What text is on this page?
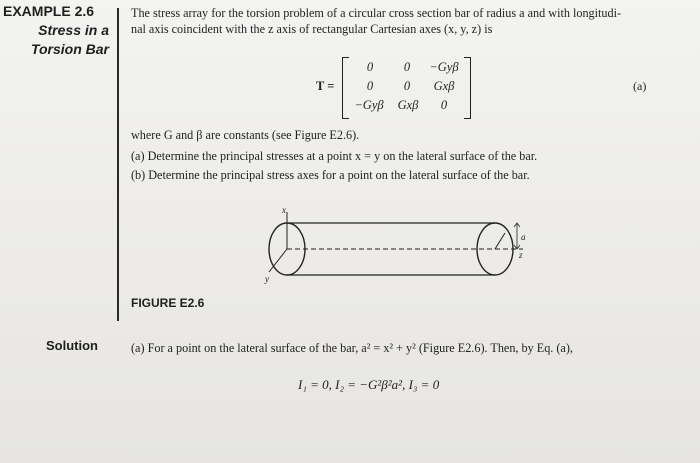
EXAMPLE 2.6
Stress in a
Torsion Bar
The stress array for the torsion problem of a circular cross section bar of radius a and with longitudi-
nal axis coincident with the z axis of rectangular Cartesian axes (x, y, z) is
T =
0	0	−Gyβ
0	0	Gxβ
−Gyβ	Gxβ	0
(a)
where G and β are constants (see Figure E2.6).
(a) Determine the principal stresses at a point x = y on the lateral surface of the bar.
(b) Determine the principal stress axes for a point on the lateral surface of the bar.
x
y
z
a
FIGURE E2.6
Solution	(a) For a point on the lateral surface of the bar, a² = x² + y² (Figure E2.6). Then, by Eq. (a),
I₁ = 0, I₂ = −G²β²a², I₃ = 0
